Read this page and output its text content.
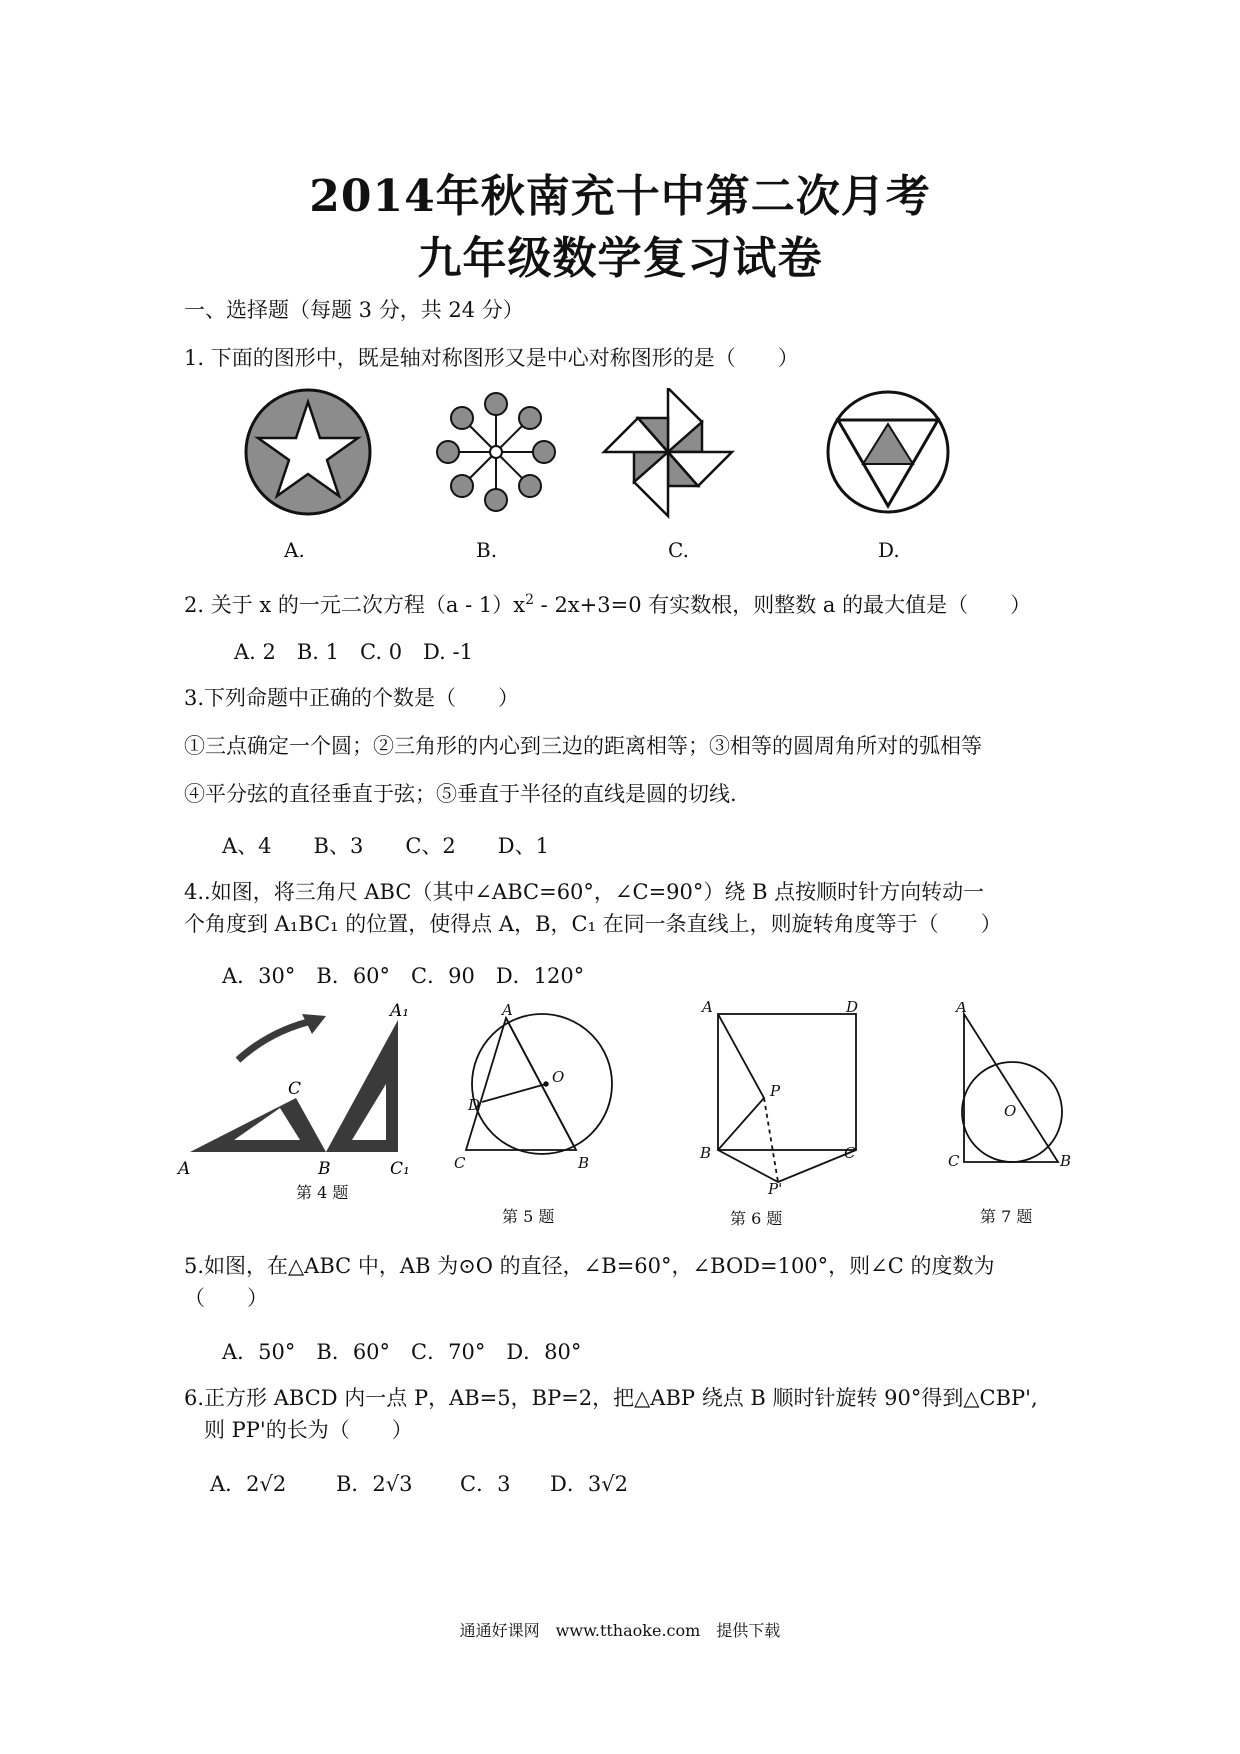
2014年秋南充十中第二次月考
九年级数学复习试卷
一、选择题（每题 3 分，共 24 分）
1. 下面的图形中，既是轴对称图形又是中心对称图形的是（　　）
A.	B.	C.	D.
2. 关于 x 的一元二次方程$(a - 1)x^2 - 2x+3=0$ 有实数根，则整数 a 的最大值是（　　）
A. 2　B. 1　C. 0　D. -1
3.下列命题中正确的个数是（　　）
①三点确定一个圆；②三角形的内心到三边的距离相等；③相等的圆周角所对的弧相等
④平分弦的直径垂直于弦；⑤垂直于半径的直线是圆的切线.
A、4　　B、3　　C、2　　D、1
4..如图，将三角尺 ABC（其中∠ABC=60°，∠C=90°）绕 B 点按顺时针方向转动一
个角度到 A₁BC₁ 的位置，使得点 A，B，C₁ 在同一条直线上，则旋转角度等于（　　）
A．30°　B．60°　C．90　D．120°
A	B
C
A₁
C₁
第 4 题
A
O
D
C	B
第 5 题
A	D
P
B	C
P'
第 6 题
A
O
C	B
第 7 题
5.如图，在△ABC 中，AB 为⊙O 的直径，∠B=60°，∠BOD=100°，则∠C 的度数为
（　　）
A．50°　B．60°　C．70°　D．80°
6.正方形 ABCD 内一点 P，AB=5，BP=2，把△ABP 绕点 B 顺时针旋转 90°得到△CBP',
则 PP'的长为（　　）
A．2√2 B．2√3 C．3 D．3√2
通通好课网　www.tthaoke.com　提供下载
